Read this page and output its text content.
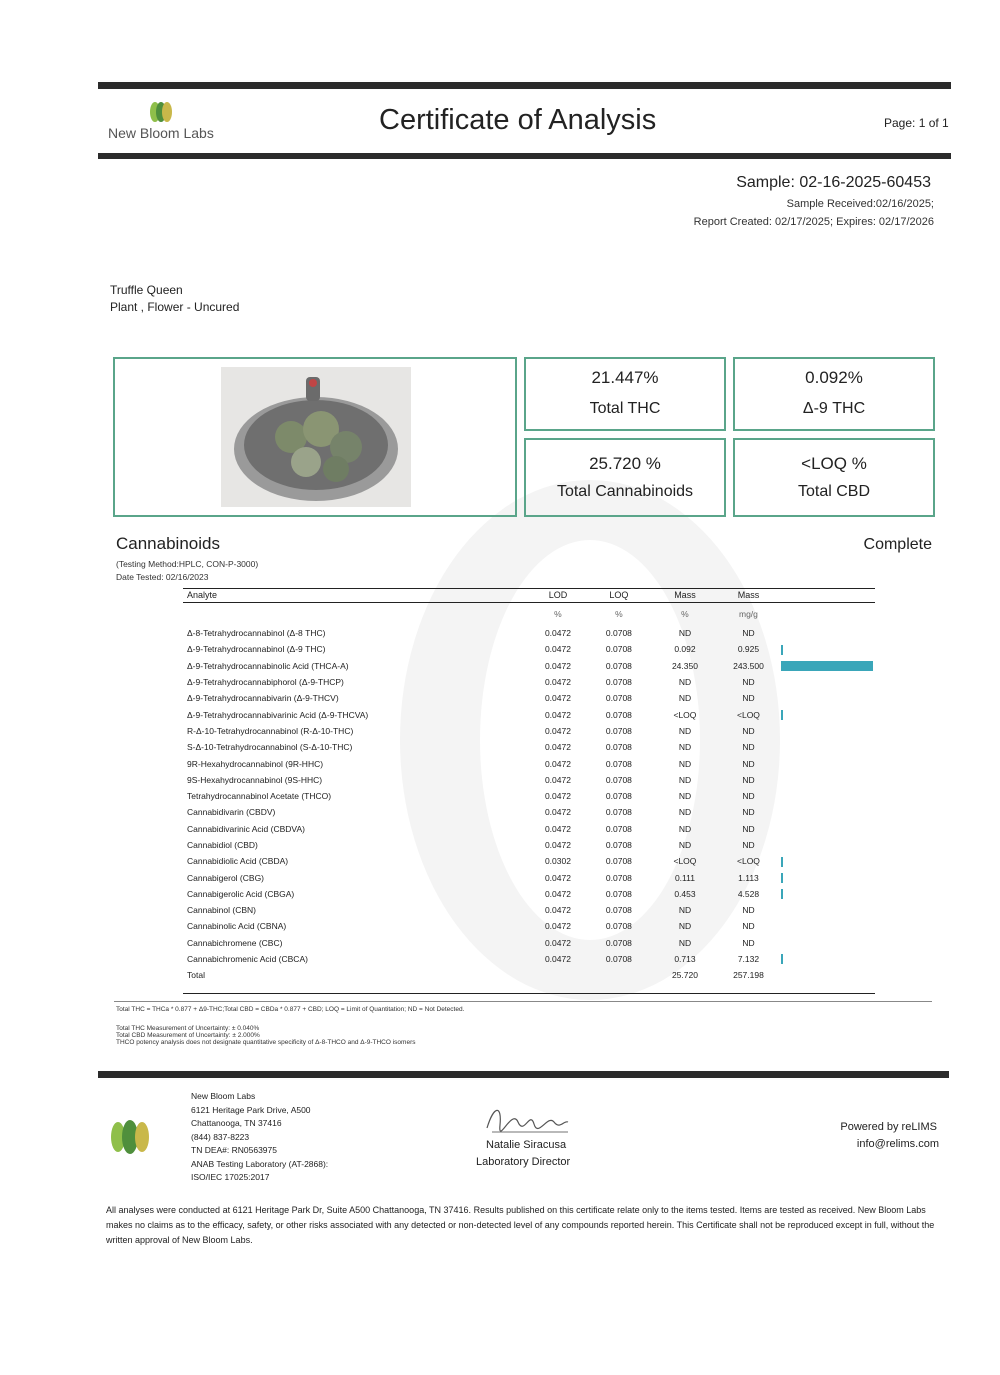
New Bloom Labs	Certificate of Analysis	Page: 1 of 1
Sample: 02-16-2025-60453
Sample Received:02/16/2025;
Report Created: 02/17/2025; Expires: 02/17/2026
Truffle Queen
Plant , Flower - Uncured
21.447%
Total THC
0.092%
Δ-9 THC
25.720 %
Total Cannabinoids
<LOQ %
Total CBD
Cannabinoids	Complete
(Testing Method:HPLC, CON-P-3000)
Date Tested: 02/16/2023
Analyte	LOD	LOQ	Mass	Mass	
	%	%	%	mg/g	
Δ-8-Tetrahydrocannabinol (Δ-8 THC)	0.0472	0.0708	ND	ND	
Δ-9-Tetrahydrocannabinol (Δ-9 THC)	0.0472	0.0708	0.092	0.925	
Δ-9-Tetrahydrocannabinolic Acid (THCA-A)	0.0472	0.0708	24.350	243.500	
Δ-9-Tetrahydrocannabiphorol (Δ-9-THCP)	0.0472	0.0708	ND	ND	
Δ-9-Tetrahydrocannabivarin (Δ-9-THCV)	0.0472	0.0708	ND	ND	
Δ-9-Tetrahydrocannabivarinic Acid (Δ-9-THCVA)	0.0472	0.0708	<LOQ	<LOQ	
R-Δ-10-Tetrahydrocannabinol (R-Δ-10-THC)	0.0472	0.0708	ND	ND	
S-Δ-10-Tetrahydrocannabinol (S-Δ-10-THC)	0.0472	0.0708	ND	ND	
9R-Hexahydrocannabinol (9R-HHC)	0.0472	0.0708	ND	ND	
9S-Hexahydrocannabinol (9S-HHC)	0.0472	0.0708	ND	ND	
Tetrahydrocannabinol Acetate (THCO)	0.0472	0.0708	ND	ND	
Cannabidivarin (CBDV)	0.0472	0.0708	ND	ND	
Cannabidivarinic Acid (CBDVA)	0.0472	0.0708	ND	ND	
Cannabidiol (CBD)	0.0472	0.0708	ND	ND	
Cannabidiolic Acid (CBDA)	0.0302	0.0708	<LOQ	<LOQ	
Cannabigerol (CBG)	0.0472	0.0708	0.111	1.113	
Cannabigerolic Acid (CBGA)	0.0472	0.0708	0.453	4.528	
Cannabinol (CBN)	0.0472	0.0708	ND	ND	
Cannabinolic Acid (CBNA)	0.0472	0.0708	ND	ND	
Cannabichromene (CBC)	0.0472	0.0708	ND	ND	
Cannabichromenic Acid (CBCA)	0.0472	0.0708	0.713	7.132	
Total			25.720	257.198	
Total THC = THCa * 0.877 + Δ9-THC;Total CBD = CBDa * 0.877 + CBD; LOQ = Limit of Quantitation; ND = Not Detected.
Total THC Measurement of Uncertainty: ± 0.040%
Total CBD Measurement of Uncertainty: ± 2.000%
THCO potency analysis does not designate quantitative specificity of Δ-8-THCO and Δ-9-THCO isomers
New Bloom Labs
6121 Heritage Park Drive, A500
Chattanooga, TN 37416
(844) 837-8223
TN DEA#: RN0563975
ANAB Testing Laboratory (AT-2868):
ISO/IEC 17025:2017
Natalie Siracusa
Laboratory Director
Powered by reLIMS
info@relims.com
All analyses were conducted at 6121 Heritage Park Dr, Suite A500 Chattanooga, TN 37416. Results published on this certificate relate only to the items tested. Items are tested as received. New Bloom Labs makes no claims as to the efficacy, safety, or other risks associated with any detected or non-detected level of any compounds reported herein. This Certificate shall not be reproduced except in full, without the written approval of New Bloom Labs.
